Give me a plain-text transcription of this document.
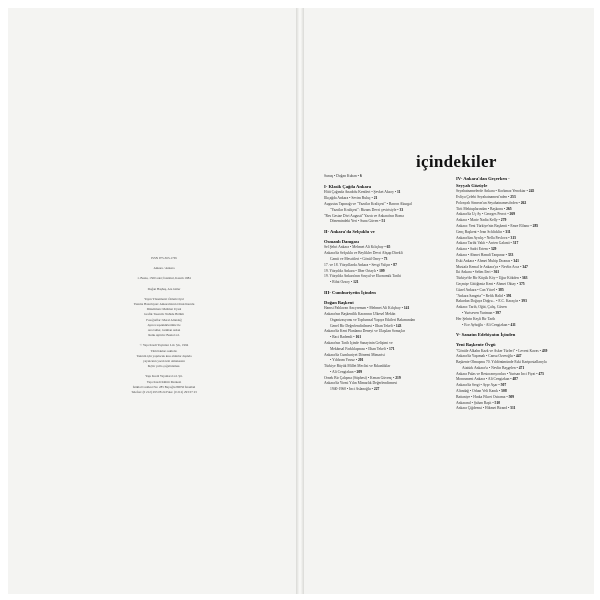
ISSN 975-363-1765
Ankara / Ankara
1. Baskı, 1500 adet; İstanbul, Kasım 1984
Doğan Haşhaş, Ara Güler
Yayın Yönetmeni: Özlem Oyal
Yazıma Hazırlayan: Ankaralıların Ortak Kurulu
Düzeltmen: Mehmet Uysal
Grafik Tasarım: Nahide Bölüm
Fotoğraflar: Meral Altındağ
Ayrıca teşekkürlerimiz ile
Ara Güler, Gökhan Aslan
Renk Ayrımı: Baskı Ltd.
© Yapı Kredi Yayınları Ltd. Şti., 1994
Tüm hakları saklıdır.
Tanıtım için yapılacak kısa alıntılar dışında
yayıncının yazılı izni olmaksızın
hiçbir yolla çoğaltılamaz.
Yapı Kredi Yayınları Ltd. Şti.
Yapı Kredi Kültür Merkezi
İstiklal Caddesi No: 285 Beyoğlu 80050 İstanbul
Telefon: (0 212) 293 08 24 Faks: (0 212) 293 07 23
içindekiler
Sunuş • Doğan Kuban • 6
I- Klasik Çağda Ankara
Hitit Çağında Anadolu Kentleri • Şevket Aksoy • 11
İlkçağda Ankara • Sevim Buluç • 21
Augustus Tapınağı ve "Yazıtlar Kraliçesi" • Barron Akurgal
"Yazıtlar Kraliçesi": Bizans Devri çevirisiyle • 33
"Res Gestae Divi Augusti" Yazıtı ve Ankara'nın Roma
Dönemindeki Yeri • Suna Güven • 51
II- Ankara'da Selçuklu ve
Osmanlı Damgası
Sel Şehri Ankara • Mehmet Ali Kılıçbay • 65
Ankara'da Selçuklu ve Beylikler Devri Ahşap Direkli
Camii ve Mescitleri • Gönül Öney • 73
17. ve 18. Yüzyıllarda Ankara • Sevgi Yalçın • 87
19. Yüzyılda Ankara • İlber Ortaylı • 109
19. Yüzyılda Ankara'nın Sosyal ve Ekonomik Tarihi
• Rifat Özsoy • 121
III- Cumhuriyetin İçinden
Doğan Başkent
Hamsi Pahlavan Ancyrenum • Mehmet Ali Kılıçbay • 141
Ankara'nın Başkentlik Kararının Ülkesel Mekân
Organizasyonu ve Toplumsal Yapıya Etkileri Bakımından
Genel Bir Değerlendirilmesi • İlhan Tekeli • 143
Ankara'da Kent Planlama Deneyi ve Ulaşılan Sonuçlar
• Raci Bademli • 161
Ankara'nın Tarih İçinde Sanayinin Gelişimi ve
Mekânsal Farklılaşması • İlhan Tekeli • 171
Ankara'da Cumhuriyet Dönemi Mimarisi
• Yıldırım Yavuz • 201
Türkiye Büyük Millet Meclisi ve Rıkanlıklar
• Ali Cengizkan • 209
Örnek Bir Çalışma (Süphesi) • Kenan Güvenç • 219
Ankara'da Yirmi Yılın Mimarlık Değerlendirmesi
1940-1960 • İnci Aslanoğlu • 227
IV- Ankara'dan Geçerken -
Seyyah Gözüyle
Seyahatnamelerde Ankara • Korkmaz Yenoktar • 245
Evliya Çelebi Seyahatnamesi'nden • 253
Polonyalı Simeon'un Seyahatnamesi'nden • 262
Tirit Mektuplarından • Başkonu • 265
Ankara'da Üç Ay • Georges Perrot • 269
Ankara • Marie Nadia Kelly • 279
Ankara: Yeni Türkiye'nin Başkenti • Emre Elfanır • 285
Genç Başkent • Jean Schlicklin • 311
Ankara'dan Ayrılış • Nella Pavlova • 315
Ankara Tarihi Vakfı • Arrien Galanti • 317
Ankara • Sadri Ertem • 329
Ankara • Ahmet Hamdi Tanpınar • 333
Eski Ankara • Ahmet Muhip Dıranas • 341
Mustafa Kemal le Ankara'ya • Nevlin Arca • 347
İki Ankara • Selim İleri • 361
Türkiye'de Bir Küçük Köy • Uğur Kökden • 363
Geçmişe Gittiğimiz Kent • Ahmet Oktay • 375
Güzel Ankara • Can Yücel • 385
"Ankara Sangeta" • Refik Halid • 391
Bakırdan Doğuya Doğru... • E.C. Karaçöz • 393
Ankara: Tarih, Öğüt, Çalış, Güven
• Yurtseven Yurtman • 397
Her Şehrin Keşfi Bir Tarih
• Ece Ayhoğlu - Ali Cengizkan • 411
V- Sanatın Edebiyatın İçinden
Yeni Başkente Övgü
"Gönüle Alkahn Kazk ve Asker Türleri" • Levent Kavas • 439
Ankara'da Yaşamak • Cansu Özveoğlu • 447
Başkente Olmuşmu 70. Yıldönümünde Eski Kartpostallarıyla
Atatürk Ankara'sı • Nevlin Başgelen • 471
Ankara Palas ve Restoransyonları • Yurtsan İnci Fiyat • 475
Monrument Ankara • Ali Cengizkan • 487
Ankara'da Sergi • Ayşe Aşar • 507
Altındağ • Orhan Veli Kanık • 508
Battaniye • Hınka Fikret Ostrama • 509
Ankaranıl • Şahan Raşit • 510
Ankara Çiğdemsi • Hikmet Birand • 511
